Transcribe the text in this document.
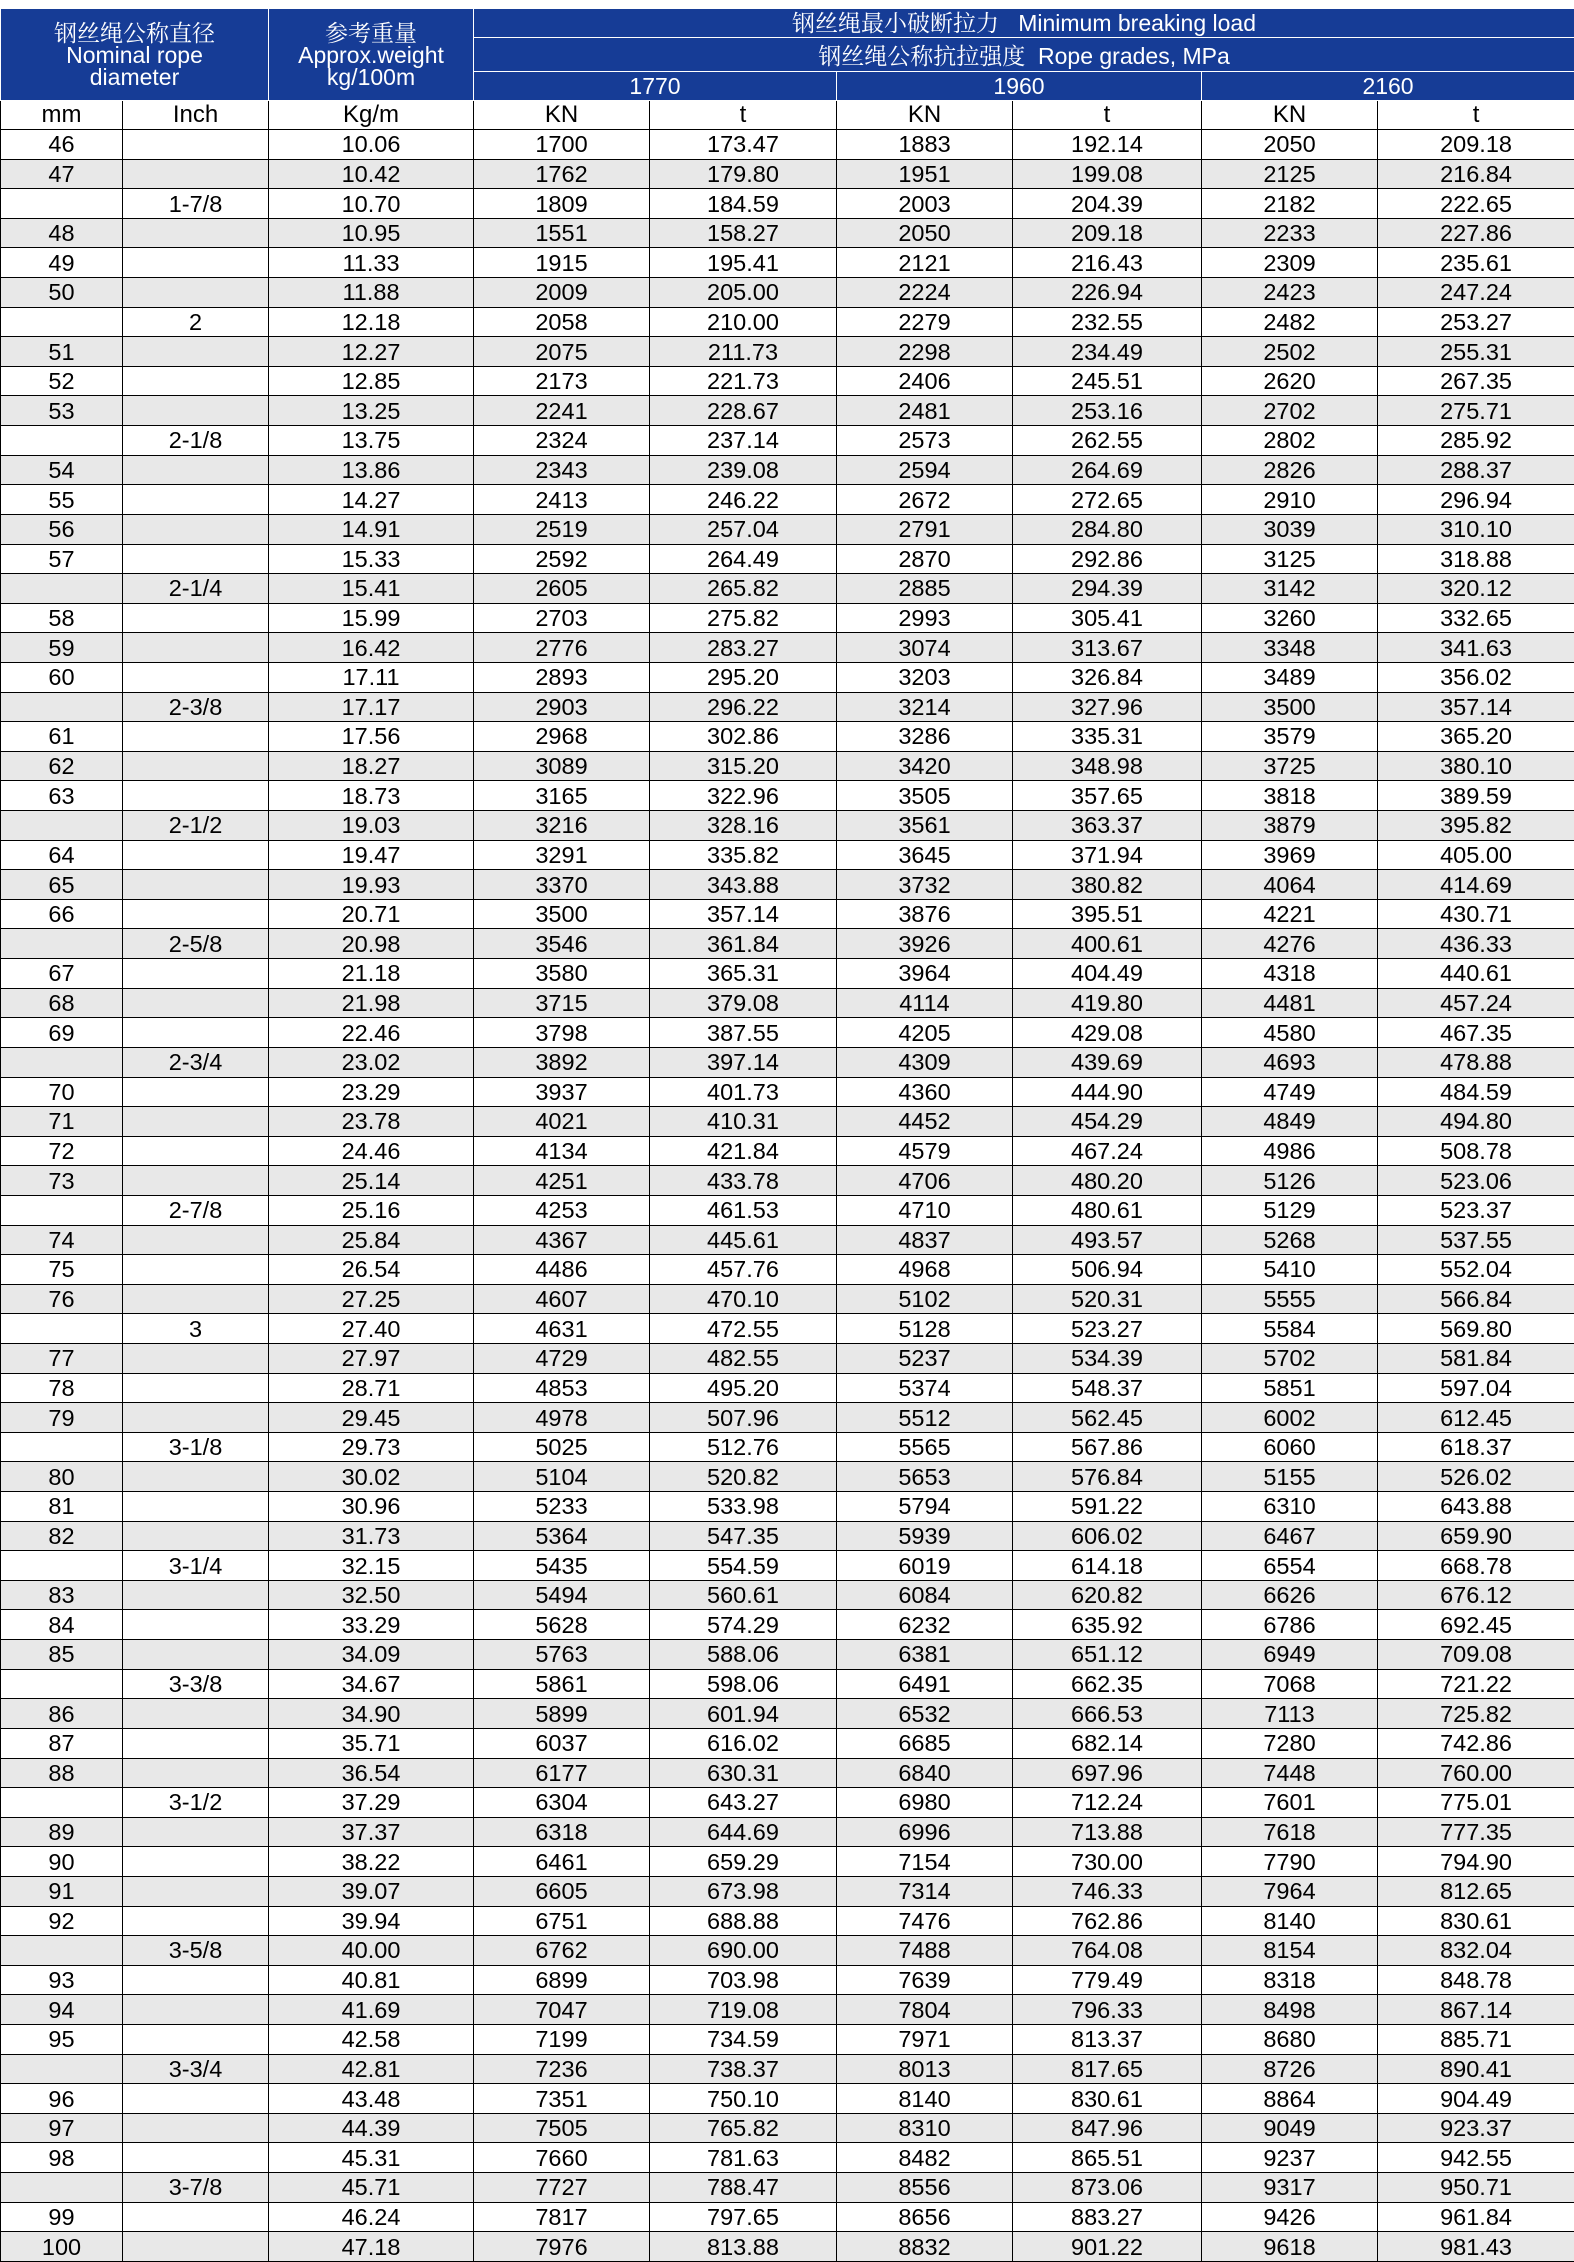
钢丝绳公称直径
Nominal rope
diameter		参考重量
Approx.weight
kg/100m	钢丝绳最小破断拉力   Minimum breaking load					
			钢丝绳公称抗拉强度  Rope grades, MPa					
			1770		1960		2160	
mm	Inch	Kg/m	KN	t	KN	t	KN	t
46		10.06	1700	173.47	1883	192.14	2050	209.18
47		10.42	1762	179.80	1951	199.08	2125	216.84
	1-7/8	10.70	1809	184.59	2003	204.39	2182	222.65
48		10.95	1551	158.27	2050	209.18	2233	227.86
49		11.33	1915	195.41	2121	216.43	2309	235.61
50		11.88	2009	205.00	2224	226.94	2423	247.24
	2	12.18	2058	210.00	2279	232.55	2482	253.27
51		12.27	2075	211.73	2298	234.49	2502	255.31
52		12.85	2173	221.73	2406	245.51	2620	267.35
53		13.25	2241	228.67	2481	253.16	2702	275.71
	2-1/8	13.75	2324	237.14	2573	262.55	2802	285.92
54		13.86	2343	239.08	2594	264.69	2826	288.37
55		14.27	2413	246.22	2672	272.65	2910	296.94
56		14.91	2519	257.04	2791	284.80	3039	310.10
57		15.33	2592	264.49	2870	292.86	3125	318.88
	2-1/4	15.41	2605	265.82	2885	294.39	3142	320.12
58		15.99	2703	275.82	2993	305.41	3260	332.65
59		16.42	2776	283.27	3074	313.67	3348	341.63
60		17.11	2893	295.20	3203	326.84	3489	356.02
	2-3/8	17.17	2903	296.22	3214	327.96	3500	357.14
61		17.56	2968	302.86	3286	335.31	3579	365.20
62		18.27	3089	315.20	3420	348.98	3725	380.10
63		18.73	3165	322.96	3505	357.65	3818	389.59
	2-1/2	19.03	3216	328.16	3561	363.37	3879	395.82
64		19.47	3291	335.82	3645	371.94	3969	405.00
65		19.93	3370	343.88	3732	380.82	4064	414.69
66		20.71	3500	357.14	3876	395.51	4221	430.71
	2-5/8	20.98	3546	361.84	3926	400.61	4276	436.33
67		21.18	3580	365.31	3964	404.49	4318	440.61
68		21.98	3715	379.08	4114	419.80	4481	457.24
69		22.46	3798	387.55	4205	429.08	4580	467.35
	2-3/4	23.02	3892	397.14	4309	439.69	4693	478.88
70		23.29	3937	401.73	4360	444.90	4749	484.59
71		23.78	4021	410.31	4452	454.29	4849	494.80
72		24.46	4134	421.84	4579	467.24	4986	508.78
73		25.14	4251	433.78	4706	480.20	5126	523.06
	2-7/8	25.16	4253	461.53	4710	480.61	5129	523.37
74		25.84	4367	445.61	4837	493.57	5268	537.55
75		26.54	4486	457.76	4968	506.94	5410	552.04
76		27.25	4607	470.10	5102	520.31	5555	566.84
	3	27.40	4631	472.55	5128	523.27	5584	569.80
77		27.97	4729	482.55	5237	534.39	5702	581.84
78		28.71	4853	495.20	5374	548.37	5851	597.04
79		29.45	4978	507.96	5512	562.45	6002	612.45
	3-1/8	29.73	5025	512.76	5565	567.86	6060	618.37
80		30.02	5104	520.82	5653	576.84	5155	526.02
81		30.96	5233	533.98	5794	591.22	6310	643.88
82		31.73	5364	547.35	5939	606.02	6467	659.90
	3-1/4	32.15	5435	554.59	6019	614.18	6554	668.78
83		32.50	5494	560.61	6084	620.82	6626	676.12
84		33.29	5628	574.29	6232	635.92	6786	692.45
85		34.09	5763	588.06	6381	651.12	6949	709.08
	3-3/8	34.67	5861	598.06	6491	662.35	7068	721.22
86		34.90	5899	601.94	6532	666.53	7113	725.82
87		35.71	6037	616.02	6685	682.14	7280	742.86
88		36.54	6177	630.31	6840	697.96	7448	760.00
	3-1/2	37.29	6304	643.27	6980	712.24	7601	775.01
89		37.37	6318	644.69	6996	713.88	7618	777.35
90		38.22	6461	659.29	7154	730.00	7790	794.90
91		39.07	6605	673.98	7314	746.33	7964	812.65
92		39.94	6751	688.88	7476	762.86	8140	830.61
	3-5/8	40.00	6762	690.00	7488	764.08	8154	832.04
93		40.81	6899	703.98	7639	779.49	8318	848.78
94		41.69	7047	719.08	7804	796.33	8498	867.14
95		42.58	7199	734.59	7971	813.37	8680	885.71
	3-3/4	42.81	7236	738.37	8013	817.65	8726	890.41
96		43.48	7351	750.10	8140	830.61	8864	904.49
97		44.39	7505	765.82	8310	847.96	9049	923.37
98		45.31	7660	781.63	8482	865.51	9237	942.55
	3-7/8	45.71	7727	788.47	8556	873.06	9317	950.71
99		46.24	7817	797.65	8656	883.27	9426	961.84
100		47.18	7976	813.88	8832	901.22	9618	981.43
